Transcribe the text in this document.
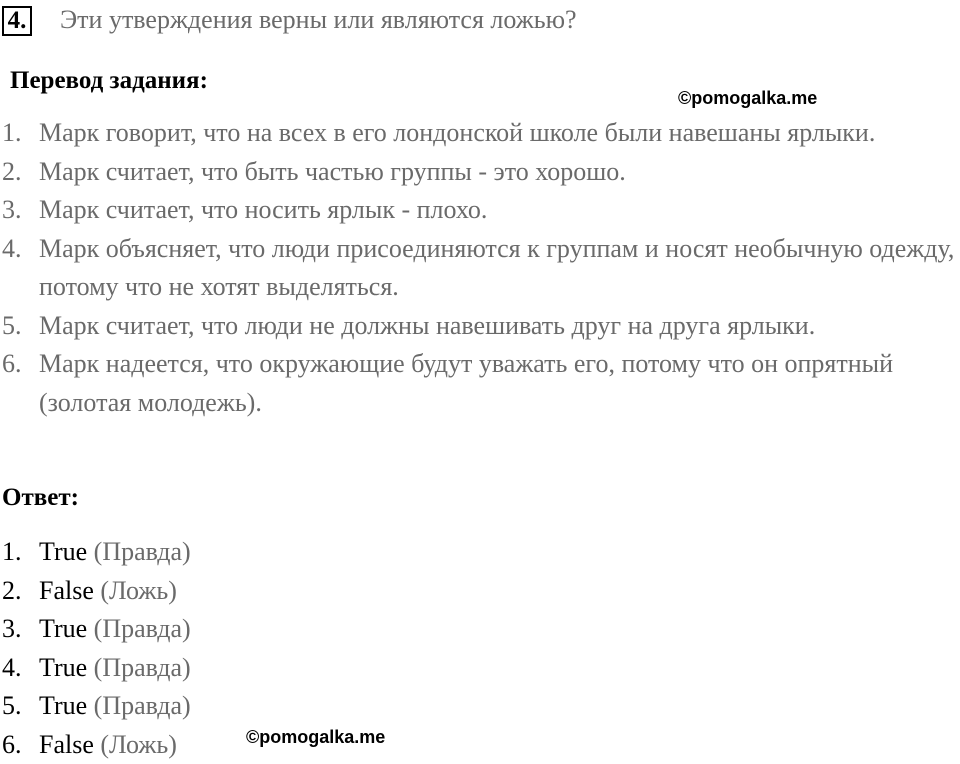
4. Эти утверждения верны или являются ложью?
Перевод задания:
©pomogalka.me
1. Марк говорит, что на всех в его лондонской школе были навешаны ярлыки.
2. Марк считает, что быть частью группы - это хорошо.
3. Марк считает, что носить ярлык - плохо.
4. Марк объясняет, что люди присоединяются к группам и носят необычную одежду, потому что не хотят выделяться.
5. Марк считает, что люди не должны навешивать друг на друга ярлыки.
6. Марк надеется, что окружающие будут уважать его, потому что он опрятный (золотая молодежь).
Ответ:
1. True (Правда)
2. False (Ложь)
3. True (Правда)
4. True (Правда)
5. True (Правда)
6. False (Ложь)	©pomogalka.me
